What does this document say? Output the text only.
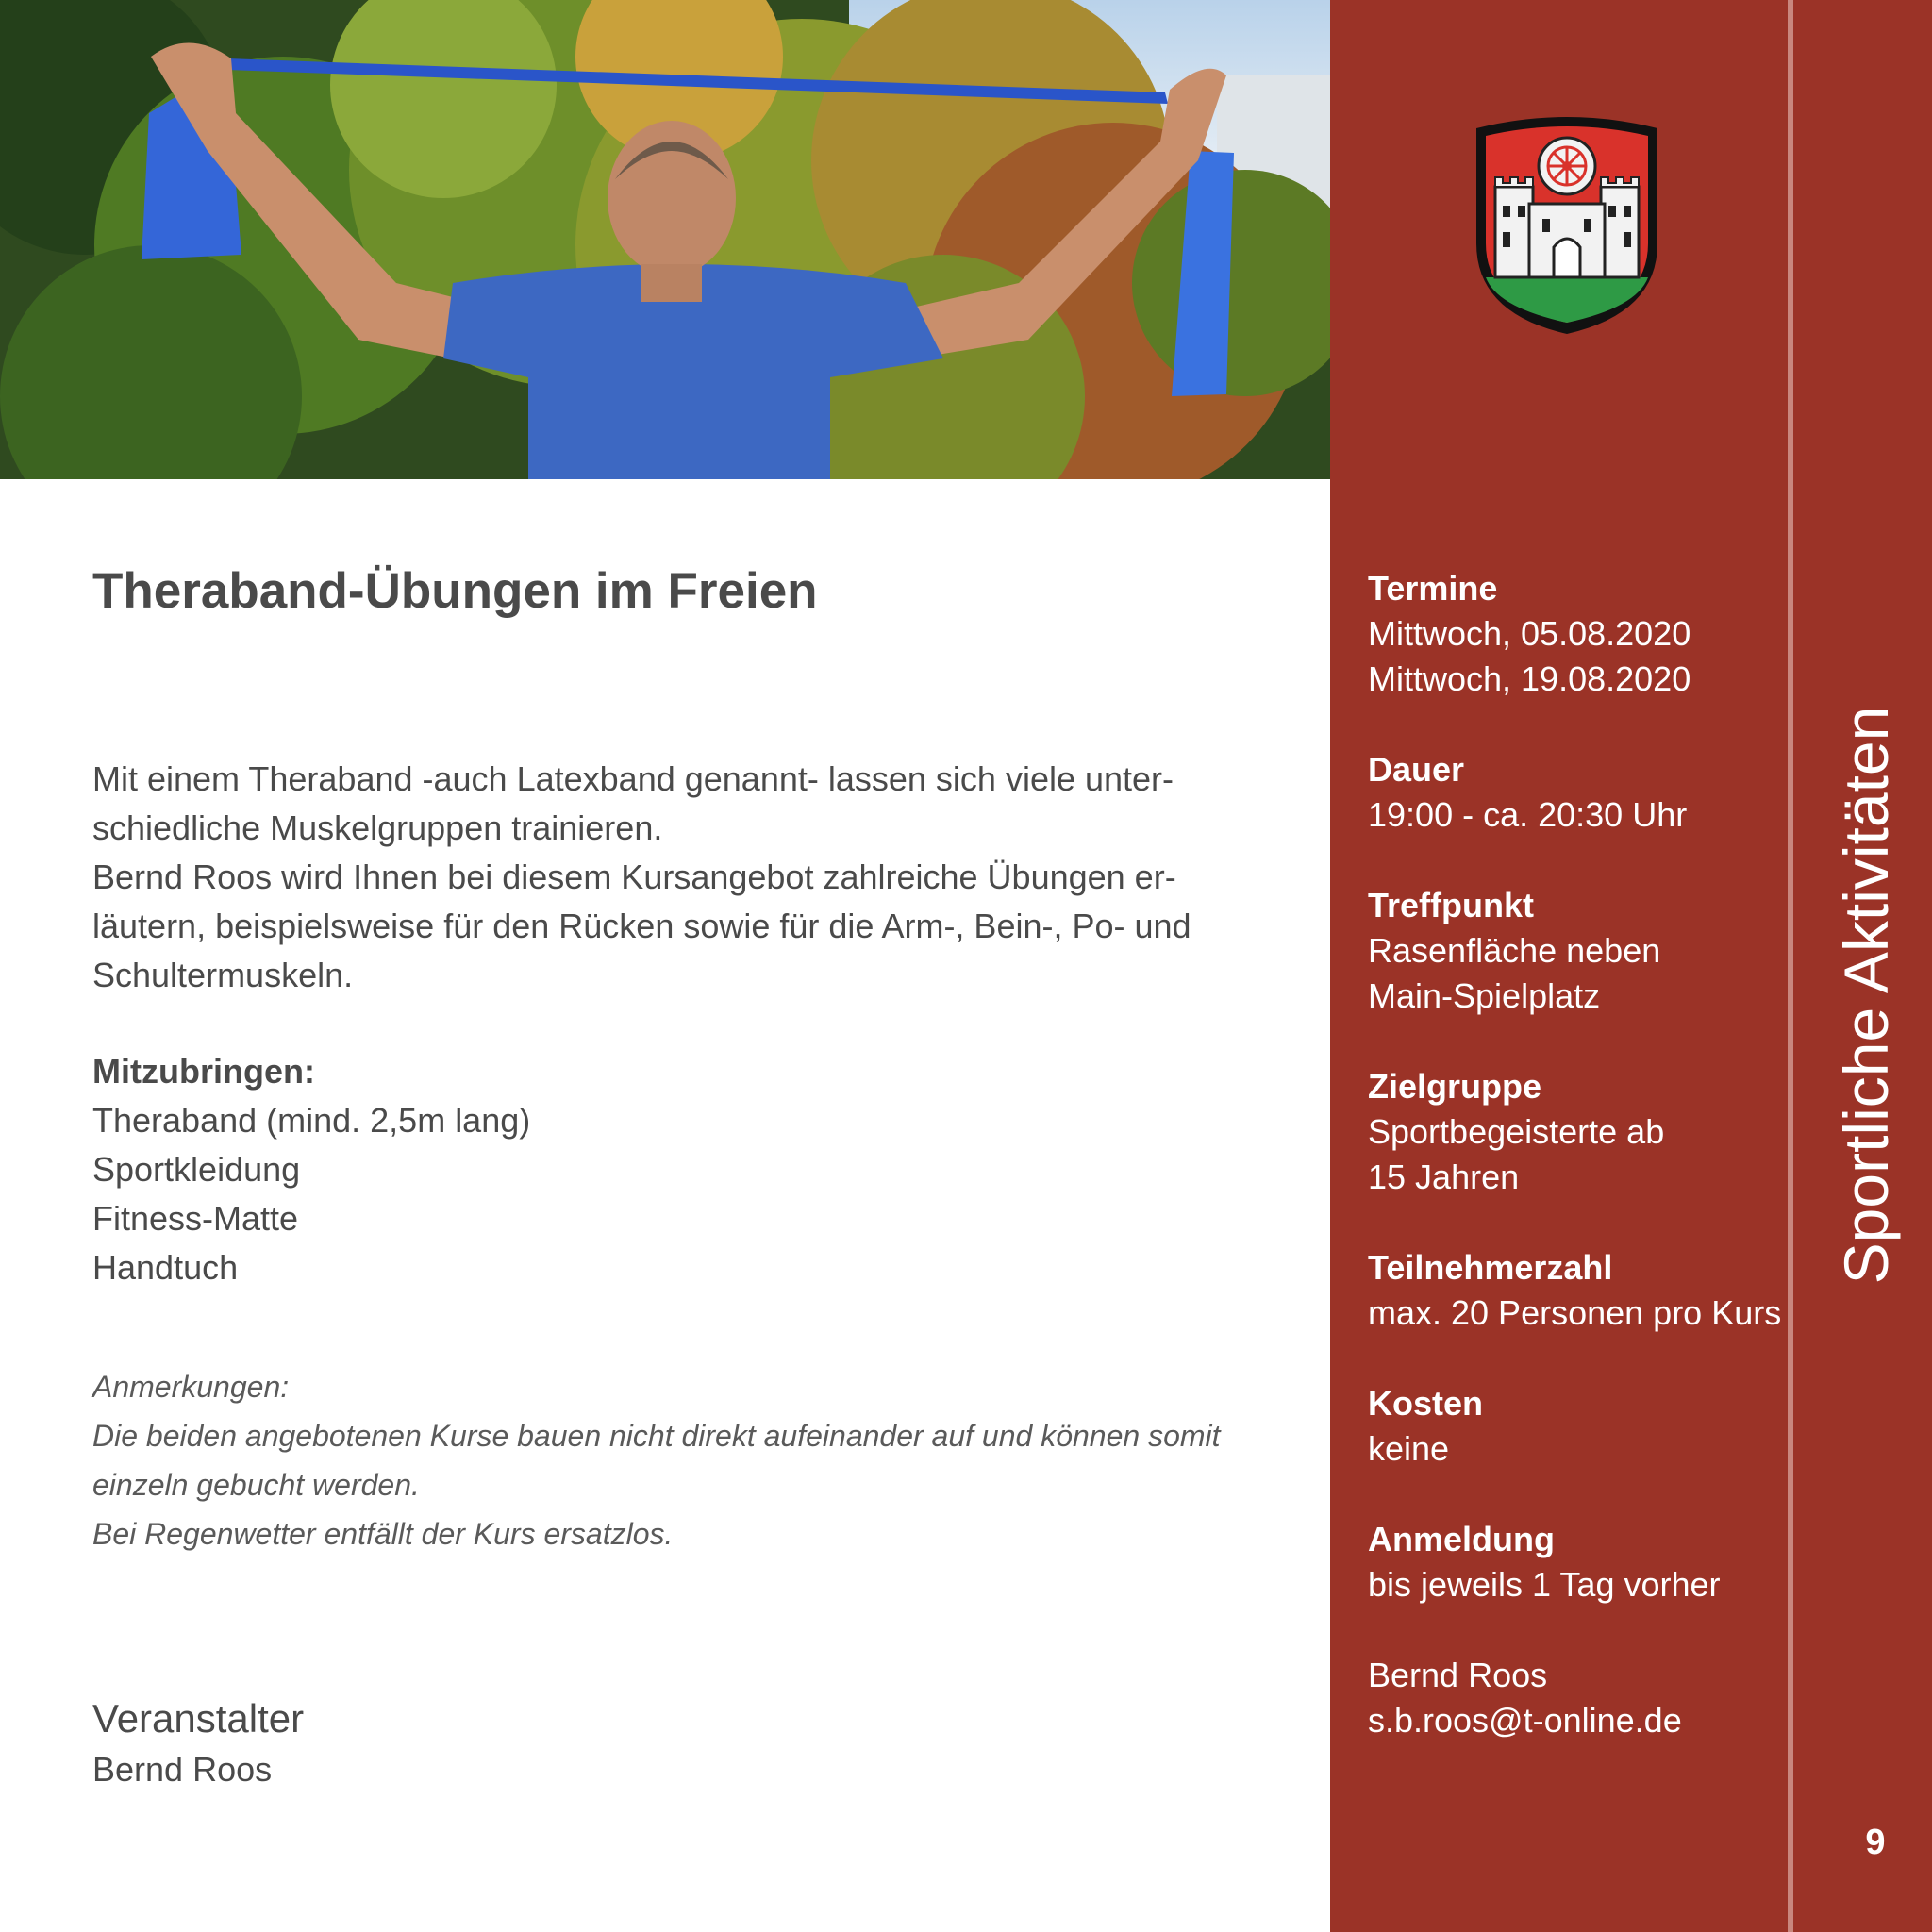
Theraband-Übungen im Freien

Mit einem Theraband -auch Latexband genannt- lassen sich viele unter-

schiedliche Muskelgruppen trainieren.

Bernd Roos wird Ihnen bei diesem Kursangebot zahlreiche Übungen er-

läutern, beispielsweise für den Rücken sowie für die Arm-, Bein-, Po- und

Schultermuskeln.

Mitzubringen:
Theraband (mind. 2,5m lang)
Sportkleidung
Fitness-Matte
Handtuch

Anmerkungen:

Die beiden angebotenen Kurse bauen nicht direkt aufeinander auf und können somit

einzeln gebucht werden.

Bei Regenwetter entfällt der Kurs ersatzlos.

Veranstalter
Bernd Roos
Termine
Mittwoch, 05.08.2020
Mittwoch, 19.08.2020
Dauer
19:00 - ca. 20:30 Uhr
Treffpunkt
Rasenfläche neben
Main-Spielplatz
Zielgruppe
Sportbegeisterte ab
15 Jahren
Teilnehmerzahl
max. 20 Personen pro Kurs
Kosten
keine
Anmeldung
bis jeweils 1 Tag vorher
Bernd Roos
s.b.roos@t-online.de
Sportliche Aktivitäten
9
